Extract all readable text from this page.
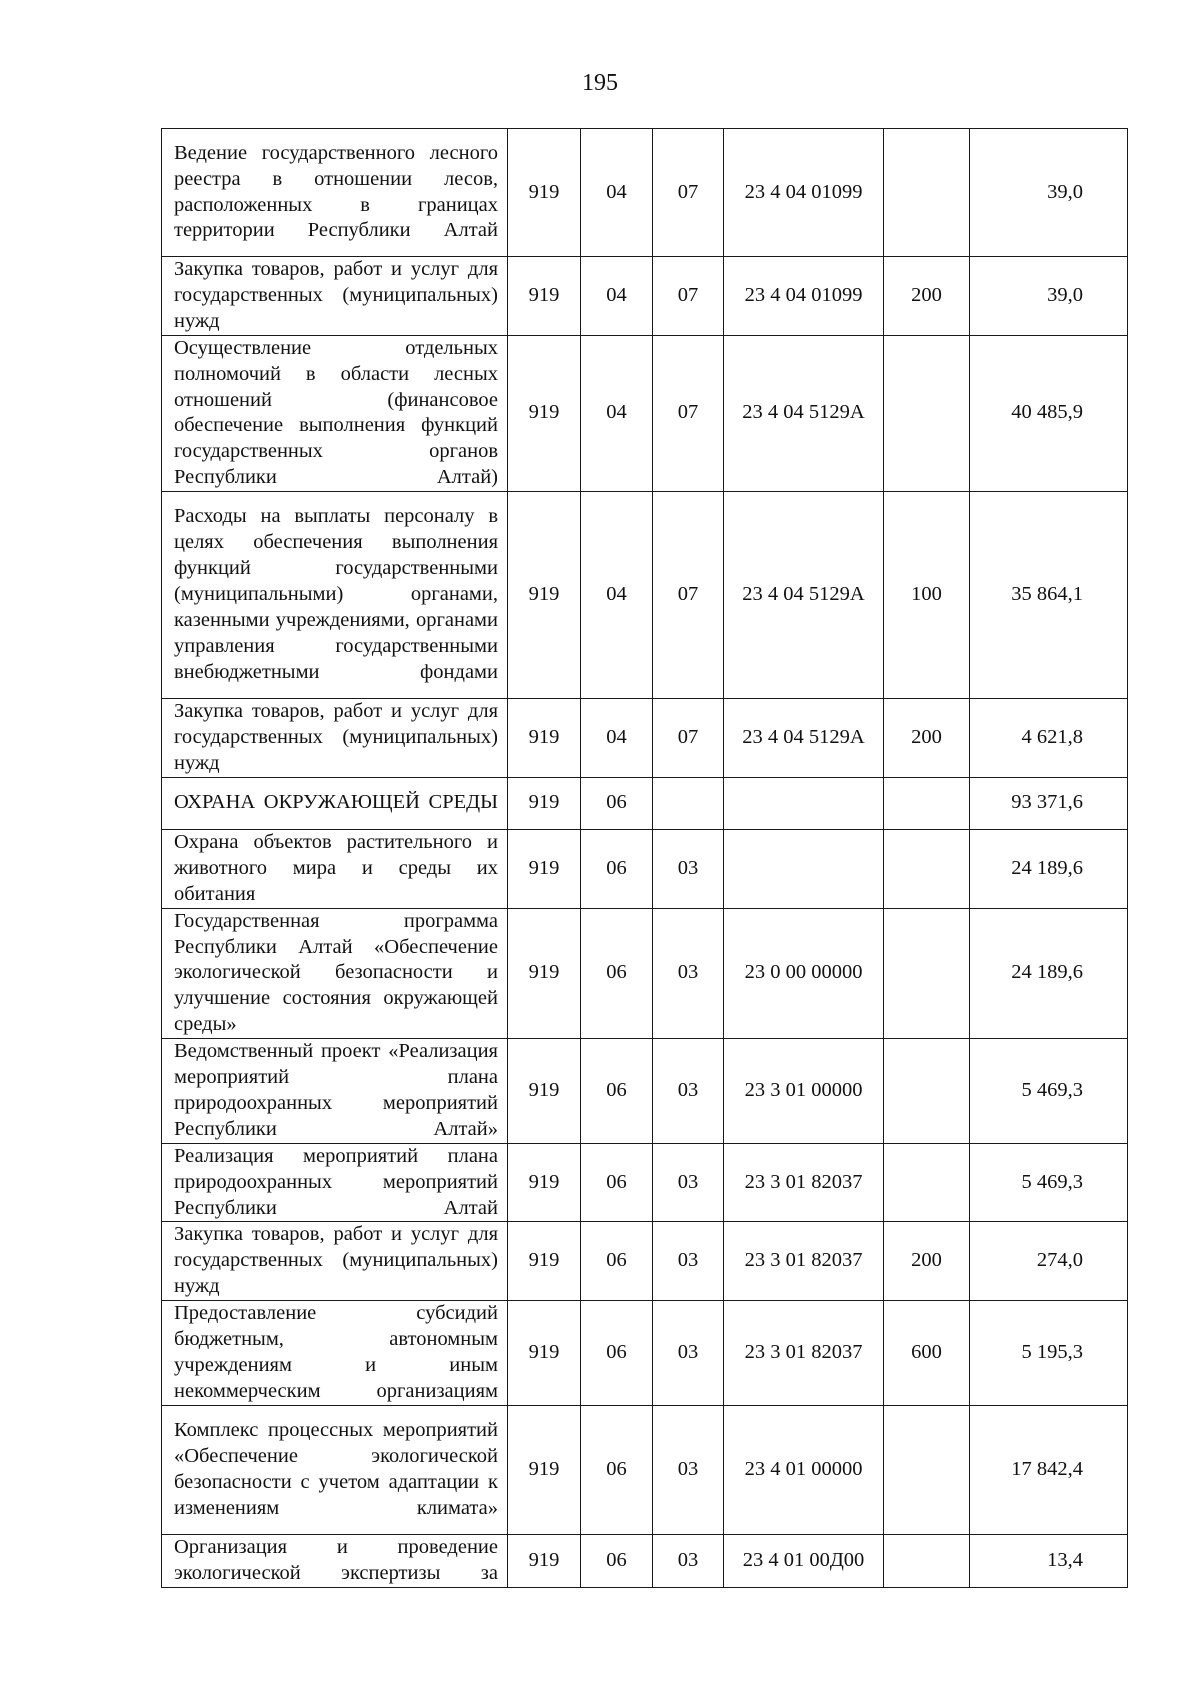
195
Ведение государственного лесного реестра в отношении лесов, расположенных в границах территории Республики Алтай	919	04	07	23 4 04 01099		39,0
Закупка товаров, работ и услуг для государственных (муниципальных) нужд	919	04	07	23 4 04 01099	200	39,0
Осуществление отдельных полномочий в области лесных отношений (финансовое обеспечение выполнения функций государственных органов Республики Алтай)	919	04	07	23 4 04 5129A		40 485,9
Расходы на выплаты персоналу в целях обеспечения выполнения функций государственными (муниципальными) органами, казенными учреждениями, органами управления государственными внебюджетными фондами	919	04	07	23 4 04 5129A	100	35 864,1
Закупка товаров, работ и услуг для государственных (муниципальных) нужд	919	04	07	23 4 04 5129A	200	4 621,8
ОХРАНА ОКРУЖАЮЩЕЙ СРЕДЫ	919	06				93 371,6
Охрана объектов растительного и животного мира и среды их обитания	919	06	03			24 189,6
Государственная программа Республики Алтай «Обеспечение экологической безопасности и улучшение состояния окружающей среды»	919	06	03	23 0 00 00000		24 189,6
Ведомственный проект «Реализация мероприятий плана природоохранных мероприятий Республики Алтай»	919	06	03	23 3 01 00000		5 469,3
Реализация мероприятий плана природоохранных мероприятий Республики Алтай	919	06	03	23 3 01 82037		5 469,3
Закупка товаров, работ и услуг для государственных (муниципальных) нужд	919	06	03	23 3 01 82037	200	274,0
Предоставление субсидий бюджетным, автономным учреждениям и иным некоммерческим организациям	919	06	03	23 3 01 82037	600	5 195,3
Комплекс процессных мероприятий «Обеспечение экологической безопасности с учетом адаптации к изменениям климата»	919	06	03	23 4 01 00000		17 842,4
Организация и проведение экологической экспертизы за	919	06	03	23 4 01 00Д00		13,4
